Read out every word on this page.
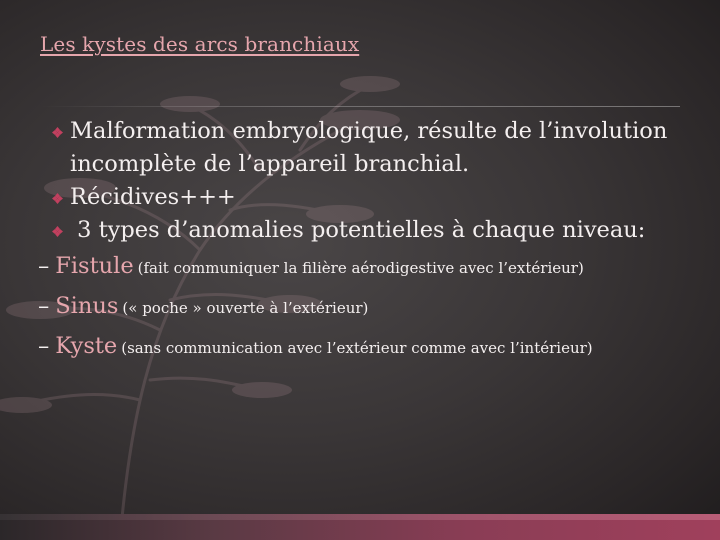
Les kystes des arcs branchiaux
Malformation embryologique, résulte de l’involution
incomplète de l’appareil branchial.
Récidives+++
3 types d’anomalies potentielles à chaque niveau:
– Fistule (fait communiquer la filière aérodigestive avec l’extérieur)
– Sinus (« poche » ouverte à l’extérieur)
– Kyste (sans communication avec l’extérieur comme avec l’intérieur)
